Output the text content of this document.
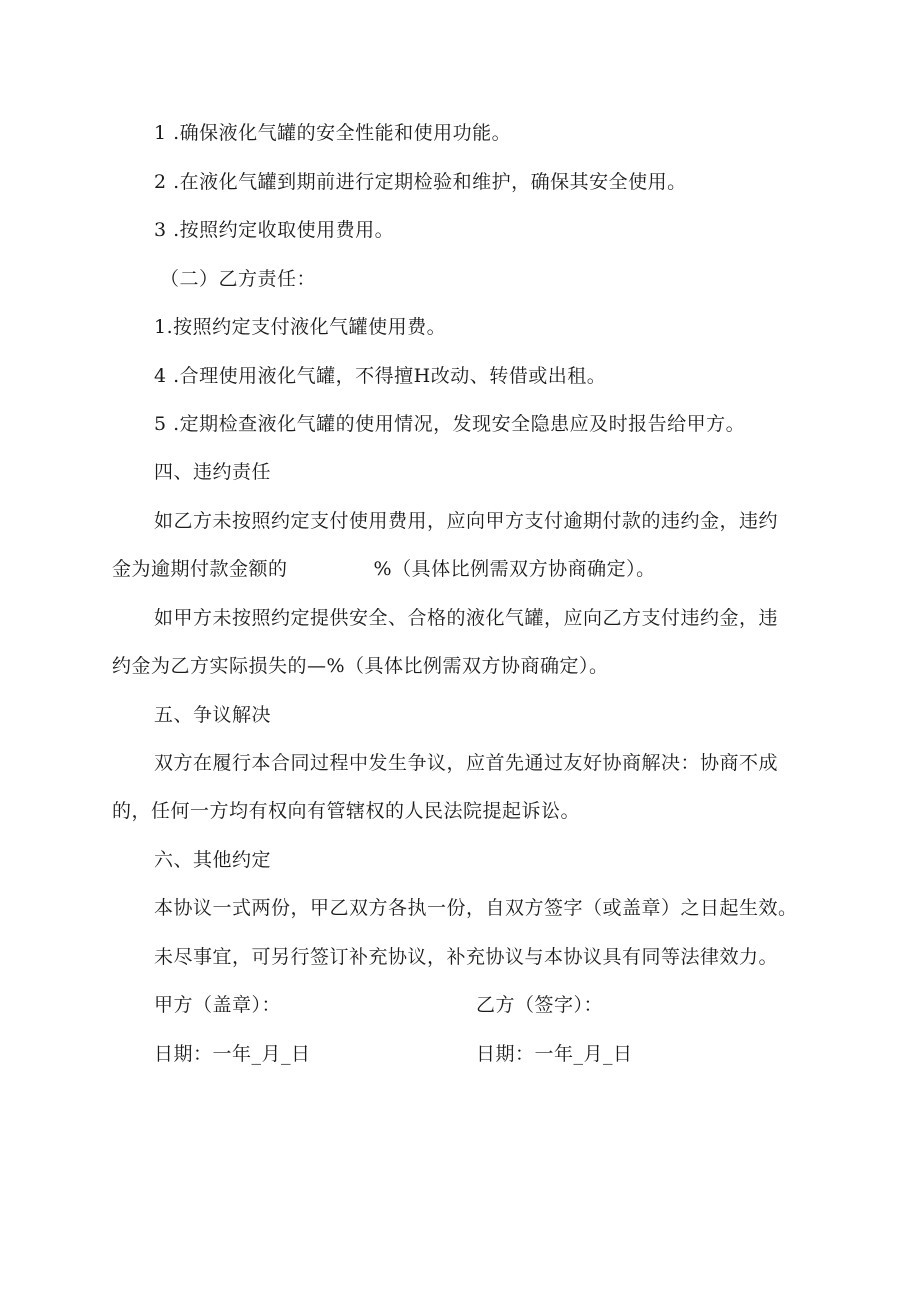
1 .确保液化气罐的安全性能和使用功能。
2 .在液化气罐到期前进行定期检验和维护，确保其安全使用。
3 .按照约定收取使用费用。
（二）乙方责任：
1.按照约定支付液化气罐使用费。
4 .合理使用液化气罐，不得擅H改动、转借或出租。
5 .定期检查液化气罐的使用情况，发现安全隐患应及时报告给甲方。
四、违约责任
如乙方未按照约定支付使用费用，应向甲方支付逾期付款的违约金，违约
金为逾期付款金额的	%（具体比例需双方协商确定）。
如甲方未按照约定提供安全、合格的液化气罐，应向乙方支付违约金，违
约金为乙方实际损失的—%（具体比例需双方协商确定）。
五、争议解决
双方在履行本合同过程中发生争议，应首先通过友好协商解决：协商不成
的，任何一方均有权向有管辖权的人民法院提起诉讼。
六、其他约定
本协议一式两份，甲乙双方各执一份，自双方签字（或盖章）之日起生效。
未尽事宜，可另行签订补充协议，补充协议与本协议具有同等法律效力。
甲方（盖章）：	乙方（签字）：
日期：一年_月_日	日期：一年_月_日
